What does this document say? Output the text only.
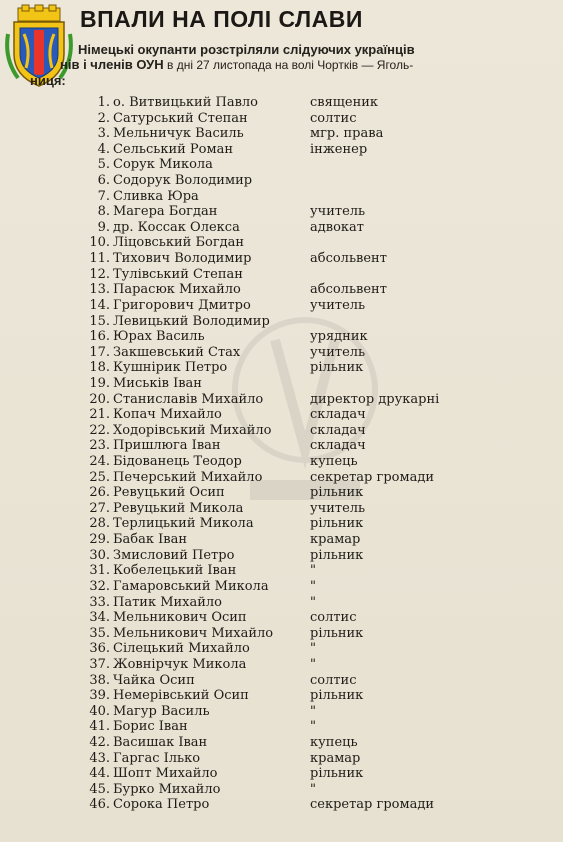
ВПАЛИ НА ПОЛІ СЛАВИ
Німецькі окупанти розстріляли слідуючих українців
нів і члeнів ОУН в дні 27 листопада на волі Чортків — Яголь-
ниця:
1. о. Витвицький Павло	священик
2. Сатурський Степан	солтис
3. Мельничук Василь	мгр. права
4. Сельський Роман	інженер
5. Сорук Микола
6. Содорук Володимир
7. Сливка Юра
8. Магера Богдан	учитель
9. др. Коссак Олекса	адвокат
10. Ліцовський Богдан
11. Тихович Володимир	абсольвент
12. Тулівський Степан
13. Парасюк Михайло	абсольвент
14. Григорович Дмитро	учитель
15. Левицький Володимир
16. Юрах Василь	урядник
17. Закшевський Стах	учитель
18. Кушнірик Петро	рільник
19. Миськів Іван
20. Станиславів Михайло	директор друкарні
21. Копач Михайло	складач
22. Ходорівський Михайло	складач
23. Пришлюга Іван	складач
24. Бідованець Теодор	купець
25. Печерський Михайло	секретар громади
26. Ревуцький Осип	рільник
27. Ревуцький Микола	учитель
28. Терлицький Микола	рільник
29. Бабак Іван	крамар
30. Змисловий Петро	рільник
31. Кобелецький Іван	"
32. Гамаровський Микола	"
33. Патик Михайло	"
34. Мельникович Осип	солтис
35. Мельникович Михайло	рільник
36. Сілецький Михайло	"
37. Жовнірчук Микола	"
38. Чайка Осип	солтис
39. Немерівський Осип	рільник
40. Магур Василь	"
41. Борис Іван	"
42. Васишак Іван	купець
43. Гаргас Ілько	крамар
44. Шопт Михайло	рільник
45. Бурко Михайло	"
46. Сорока Петро	секретар громади
